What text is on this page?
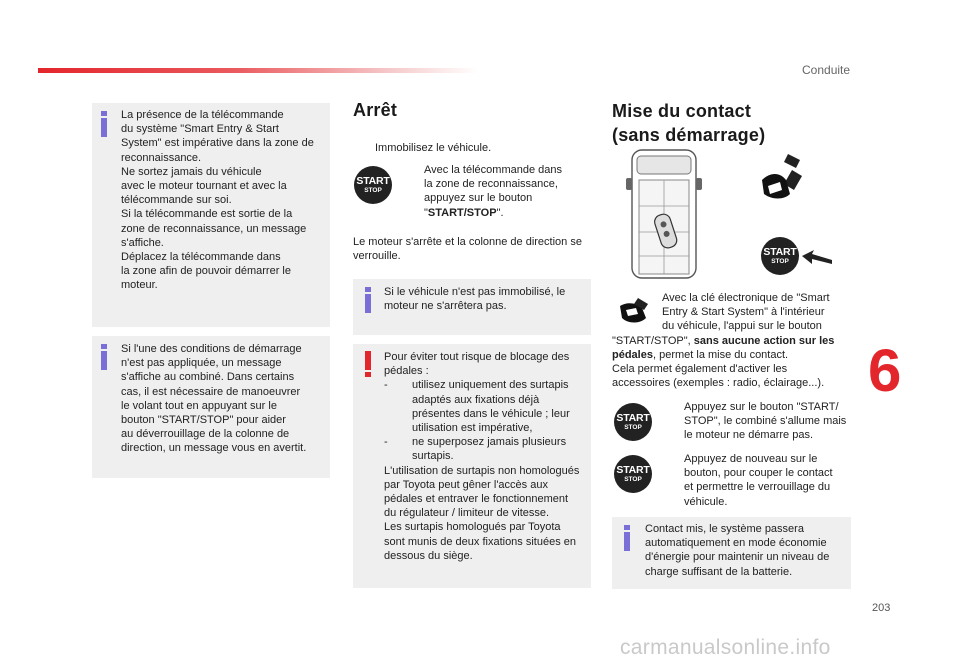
Conduite

La présence de la télécommande
du système "Smart Entry & Start
System" est impérative dans la zone de
reconnaissance.
Ne sortez jamais du véhicule
avec le moteur tournant et avec la
télécommande sur soi.
Si la télécommande est sortie de la
zone de reconnaissance, un message
s'affiche.
Déplacez la télécommande dans
la zone afin de pouvoir démarrer le
moteur.

Si l'une des conditions de démarrage
n'est pas appliquée, un message
s'affiche au combiné. Dans certains
cas, il est nécessaire de manoeuvrer
le volant tout en appuyant sur le
bouton "START/STOP" pour aider
au déverrouillage de la colonne de
direction, un message vous en avertit.

Arrêt
Immobilisez le véhicule.
START
STOP
Avec la télécommande dans
la zone de reconnaissance,
appuyez sur le bouton
"START/STOP".
Le moteur s'arrête et la colonne de direction se
verrouille.

Si le véhicule n'est pas immobilisé, le
moteur ne s'arrêtera pas.

Pour éviter tout risque de blocage des
pédales :
- utilisez uniquement des surtapis
adaptés aux fixations déjà
présentes dans le véhicule ; leur
utilisation est impérative,
- ne superposez jamais plusieurs
surtapis.
L'utilisation de surtapis non homologués
par Toyota peut gêner l'accès aux
pédales et entraver le fonctionnement
du régulateur / limiteur de vitesse.
Les surtapis homologués par Toyota
sont munis de deux fixations situées en
dessous du siège.
Mise du contact
(sans démarrage)
START
STOP
Avec la clé électronique de "Smart
Entry & Start System" à l'intérieur
du véhicule, l'appui sur le bouton
"START/STOP", sans aucune action sur les
pédales, permet la mise du contact.
Cela permet également d'activer les
accessoires (exemples : radio, éclairage...).
START
STOP
Appuyez sur le bouton "START/
STOP", le combiné s'allume mais
le moteur ne démarre pas.
START
STOP
Appuyez de nouveau sur le
bouton, pour couper le contact
et permettre le verrouillage du
véhicule.

Contact mis, le système passera
automatiquement en mode économie
d'énergie pour maintenir un niveau de
charge suffisant de la batterie.

6
203
carmanualsonline.info
